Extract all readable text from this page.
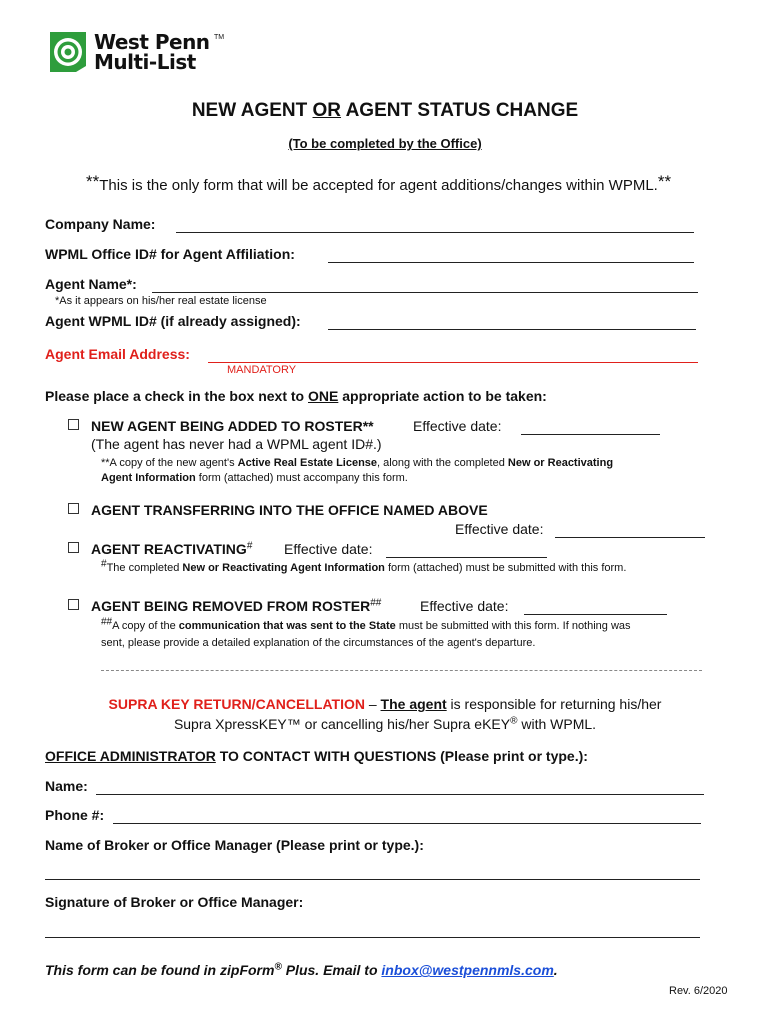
West Penn
Multi-List
TM
NEW AGENT OR AGENT STATUS CHANGE
(To be completed by the Office)
**This is the only form that will be accepted for agent additions/changes within WPML.**
Company Name:
WPML Office ID# for Agent Affiliation:
Agent Name*:
*As it appears on his/her real estate license
Agent WPML ID# (if already assigned):
Agent Email Address:
MANDATORY
Please place a check in the box next to ONE appropriate action to be taken:
NEW AGENT BEING ADDED TO ROSTER**	Effective date:
(The agent has never had a WPML agent ID#.)
**A copy of the new agent's Active Real Estate License, along with the completed New or Reactivating
Agent Information form (attached) must accompany this form.
AGENT TRANSFERRING INTO THE OFFICE NAMED ABOVE
Effective date:
AGENT REACTIVATING# Effective date:
#The completed New or Reactivating Agent Information form (attached) must be submitted with this form.
AGENT BEING REMOVED FROM ROSTER##	Effective date:
##A copy of the communication that was sent to the State must be submitted with this form. If nothing was
sent, please provide a detailed explanation of the circumstances of the agent's departure.
SUPRA KEY RETURN/CANCELLATION – The agent is responsible for returning his/her
Supra XpressKEY™ or cancelling his/her Supra eKEY® with WPML.
OFFICE ADMINISTRATOR TO CONTACT WITH QUESTIONS (Please print or type.):
Name:
Phone #:
Name of Broker or Office Manager (Please print or type.):
Signature of Broker or Office Manager:
This form can be found in zipForm® Plus. Email to inbox@westpennmls.com.
Rev. 6/2020
